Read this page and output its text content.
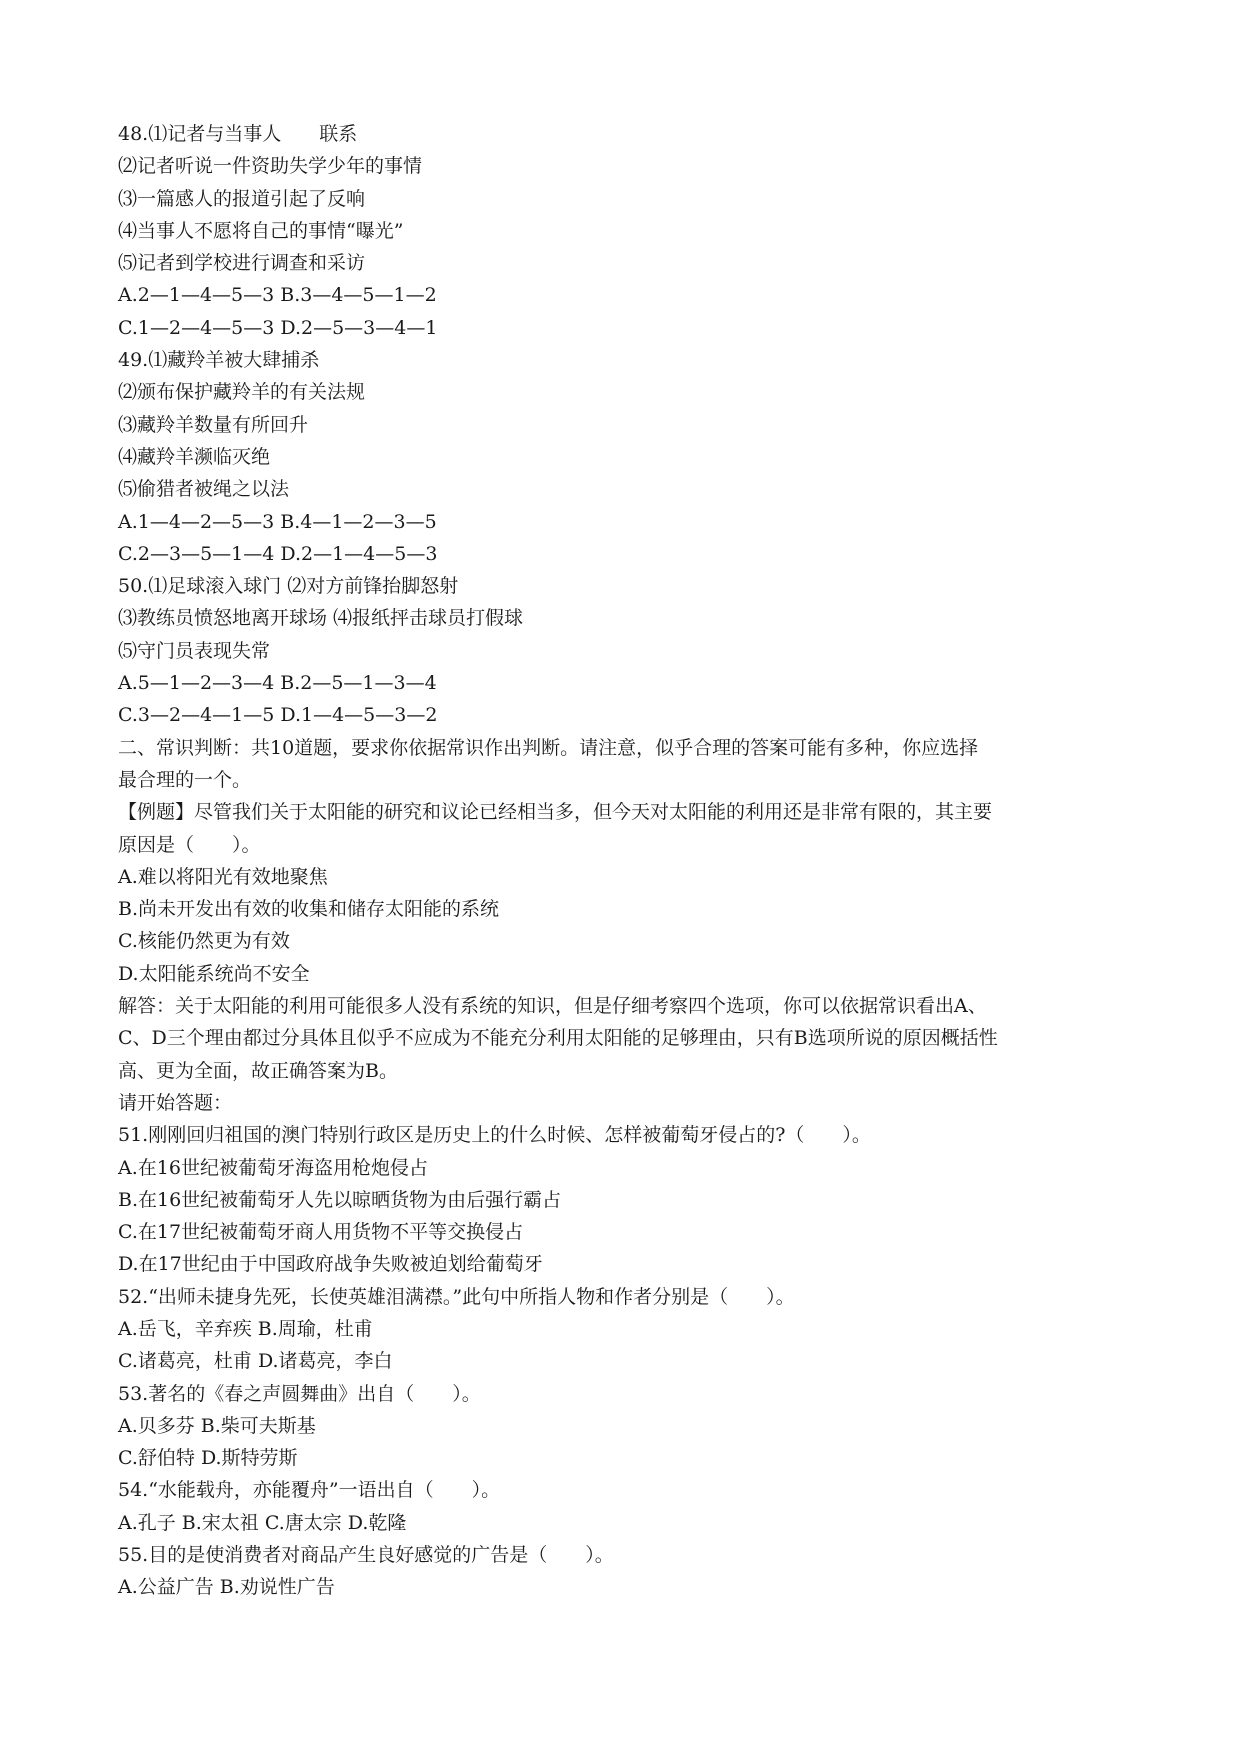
48.⑴记者与当事人　　联系
⑵记者听说一件资助失学少年的事情
⑶一篇感人的报道引起了反响
⑷当事人不愿将自己的事情“曝光”
⑸记者到学校进行调查和采访
A.2—1—4—5—3 B.3—4—5—1—2
C.1—2—4—5—3 D.2—5—3—4—1
49.⑴藏羚羊被大肆捕杀
⑵颁布保护藏羚羊的有关法规
⑶藏羚羊数量有所回升
⑷藏羚羊濒临灭绝
⑸偷猎者被绳之以法
A.1—4—2—5—3 B.4—1—2—3—5
C.2—3—5—1—4 D.2—1—4—5—3
50.⑴足球滚入球门 ⑵对方前锋抬脚怒射
⑶教练员愤怒地离开球场 ⑷报纸抨击球员打假球
⑸守门员表现失常
A.5—1—2—3—4 B.2—5—1—3—4
C.3—2—4—1—5 D.1—4—5—3—2
二、常识判断：共10道题，要求你依据常识作出判断。请注意，似乎合理的答案可能有多种，你应选择
最合理的一个。
【例题】尽管我们关于太阳能的研究和议论已经相当多，但今天对太阳能的利用还是非常有限的，其主要
原因是（　　）。
A.难以将阳光有效地聚焦
B.尚未开发出有效的收集和储存太阳能的系统
C.核能仍然更为有效
D.太阳能系统尚不安全
解答：关于太阳能的利用可能很多人没有系统的知识，但是仔细考察四个选项，你可以依据常识看出A、
C、D三个理由都过分具体且似乎不应成为不能充分利用太阳能的足够理由，只有B选项所说的原因概括性
高、更为全面，故正确答案为B。
请开始答题：
51.刚刚回归祖国的澳门特别行政区是历史上的什么时候、怎样被葡萄牙侵占的?（　　）。
A.在16世纪被葡萄牙海盗用枪炮侵占
B.在16世纪被葡萄牙人先以晾晒货物为由后强行霸占
C.在17世纪被葡萄牙商人用货物不平等交换侵占
D.在17世纪由于中国政府战争失败被迫划给葡萄牙
52.“出师未捷身先死，长使英雄泪满襟。”此句中所指人物和作者分别是（　　）。
A.岳飞，辛弃疾 B.周瑜，杜甫
C.诸葛亮，杜甫 D.诸葛亮，李白
53.著名的《春之声圆舞曲》出自（　　）。
A.贝多芬 B.柴可夫斯基
C.舒伯特 D.斯特劳斯
54.“水能载舟，亦能覆舟”一语出自（　　）。
A.孔子 B.宋太祖 C.唐太宗 D.乾隆
55.目的是使消费者对商品产生良好感觉的广告是（　　）。
A.公益广告 B.劝说性广告
